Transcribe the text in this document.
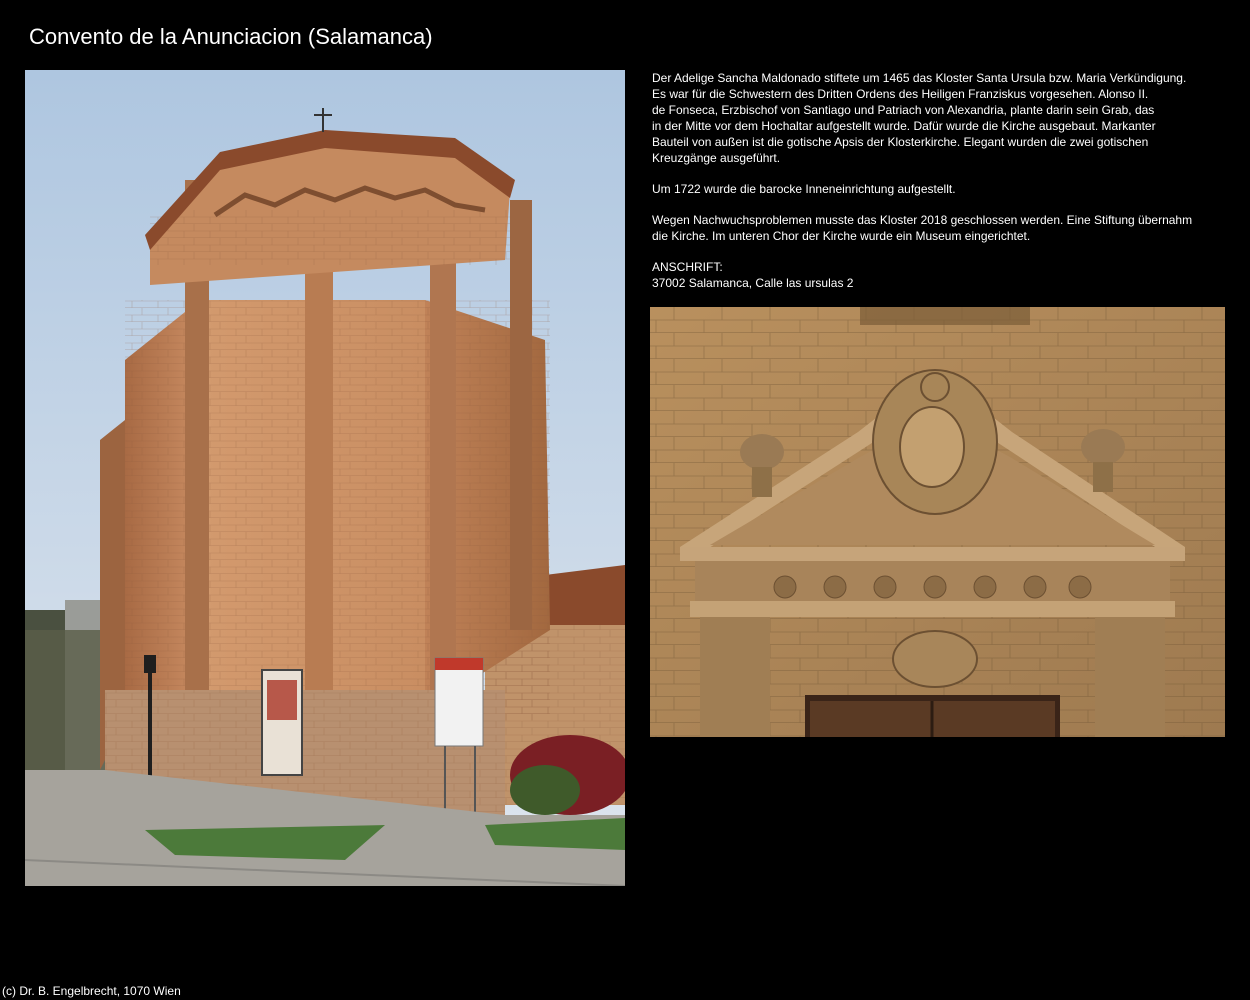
Convento de la Anunciacion (Salamanca)

Der Adelige Sancha Maldonado stiftete um 1465 das Kloster Santa Ursula bzw. Maria Verkündigung.
Es war für die Schwestern des Dritten Ordens des Heiligen Franziskus vorgesehen. Alonso II.
de Fonseca, Erzbischof von Santiago und Patriach von Alexandria, plante darin sein Grab, das
in der Mitte vor dem Hochaltar aufgestellt wurde. Dafür wurde die Kirche ausgebaut. Markanter
Bauteil von außen ist die gotische Apsis der Klosterkirche. Elegant wurden die zwei gotischen
Kreuzgänge ausgeführt.

Um 1722 wurde die barocke Inneneinrichtung aufgestellt.

Wegen Nachwuchsproblemen musste das Kloster 2018 geschlossen werden. Eine Stiftung übernahm
die Kirche. Im unteren Chor der Kirche wurde ein Museum eingerichtet.

ANSCHRIFT:
37002 Salamanca, Calle las ursulas 2

(c) Dr. B. Engelbrecht, 1070 Wien
